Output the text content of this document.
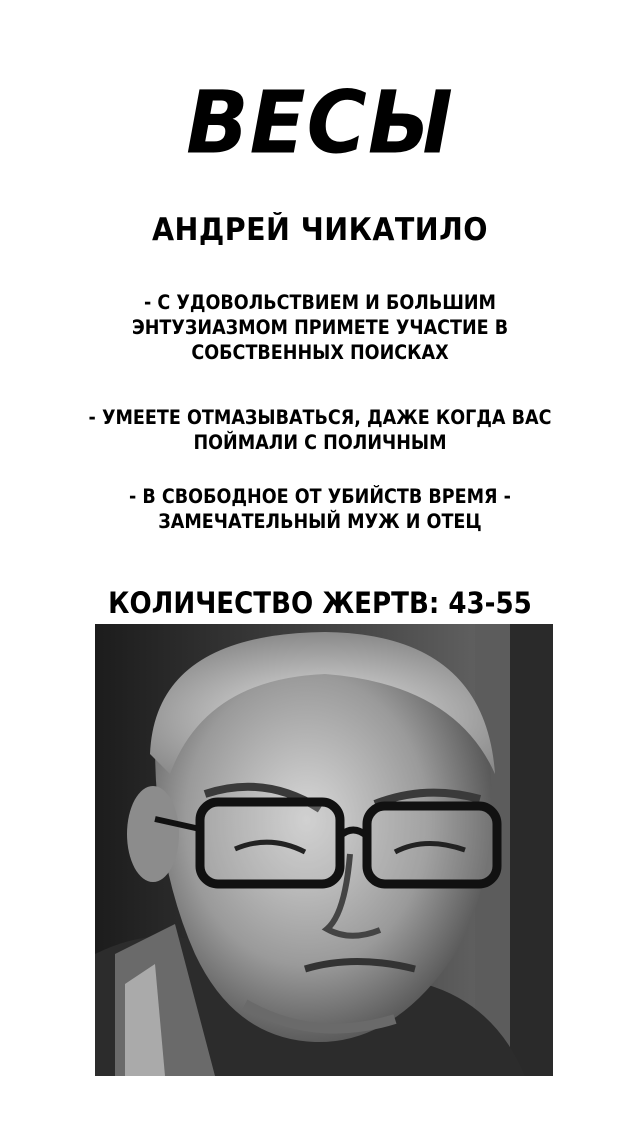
ВЕСЫ
АНДРЕЙ ЧИКАТИЛО
- С УДОВОЛЬСТВИЕМ И БОЛЬШИМ ЭНТУЗИАЗМОМ ПРИМЕТЕ УЧАСТИЕ В СОБСТВЕННЫХ ПОИСКАХ
- УМЕЕТЕ ОТМАЗЫВАТЬСЯ, ДАЖЕ КОГДА ВАС ПОЙМАЛИ С ПОЛИЧНЫМ
- В СВОБОДНОЕ ОТ УБИЙСТВ ВРЕМЯ - ЗАМЕЧАТЕЛЬНЫЙ МУЖ И ОТЕЦ
КОЛИЧЕСТВО ЖЕРТВ: 43-55
